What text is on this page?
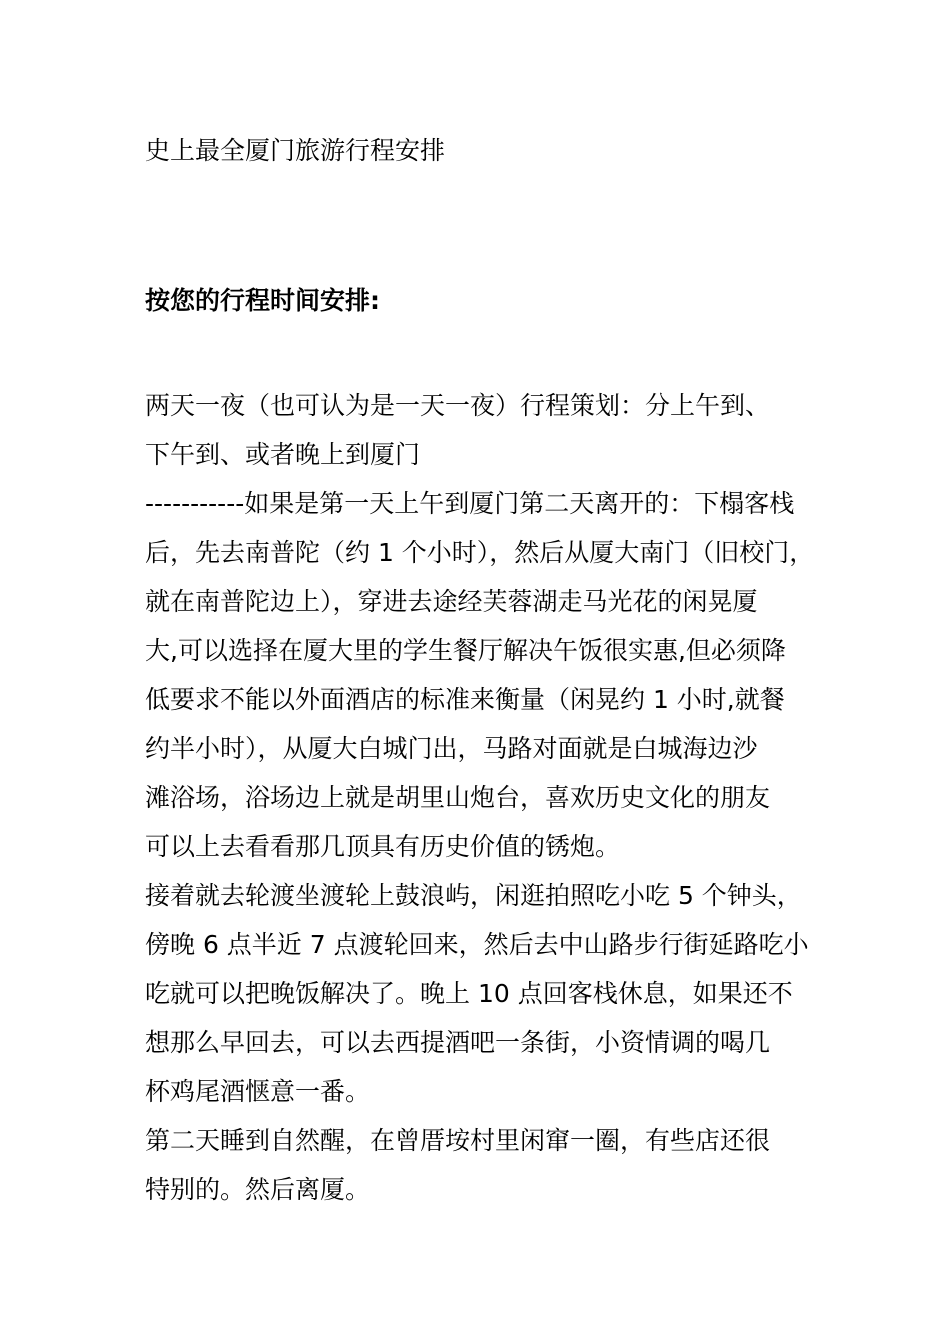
史上最全厦门旅游行程安排
按您的行程时间安排:
两天一夜（也可认为是一天一夜）行程策划：分上午到、
下午到、或者晚上到厦门
-----------如果是第一天上午到厦门第二天离开的：下榻客栈
后，先去南普陀（约 1 个小时），然后从厦大南门（旧校门，
就在南普陀边上），穿进去途经芙蓉湖走马光花的闲晃厦
大,可以选择在厦大里的学生餐厅解决午饭很实惠,但必须降
低要求不能以外面酒店的标准来衡量（闲晃约 1 小时,就餐
约半小时），从厦大白城门出，马路对面就是白城海边沙
滩浴场，浴场边上就是胡里山炮台，喜欢历史文化的朋友
可以上去看看那几顶具有历史价值的锈炮。
接着就去轮渡坐渡轮上鼓浪屿，闲逛拍照吃小吃 5 个钟头，
傍晚 6 点半近 7 点渡轮回来，然后去中山路步行街延路吃小
吃就可以把晚饭解决了。晚上 10 点回客栈休息，如果还不
想那么早回去，可以去西提酒吧一条街，小资情调的喝几
杯鸡尾酒惬意一番。
第二天睡到自然醒，在曾厝垵村里闲窜一圈，有些店还很
特别的。然后离厦。
